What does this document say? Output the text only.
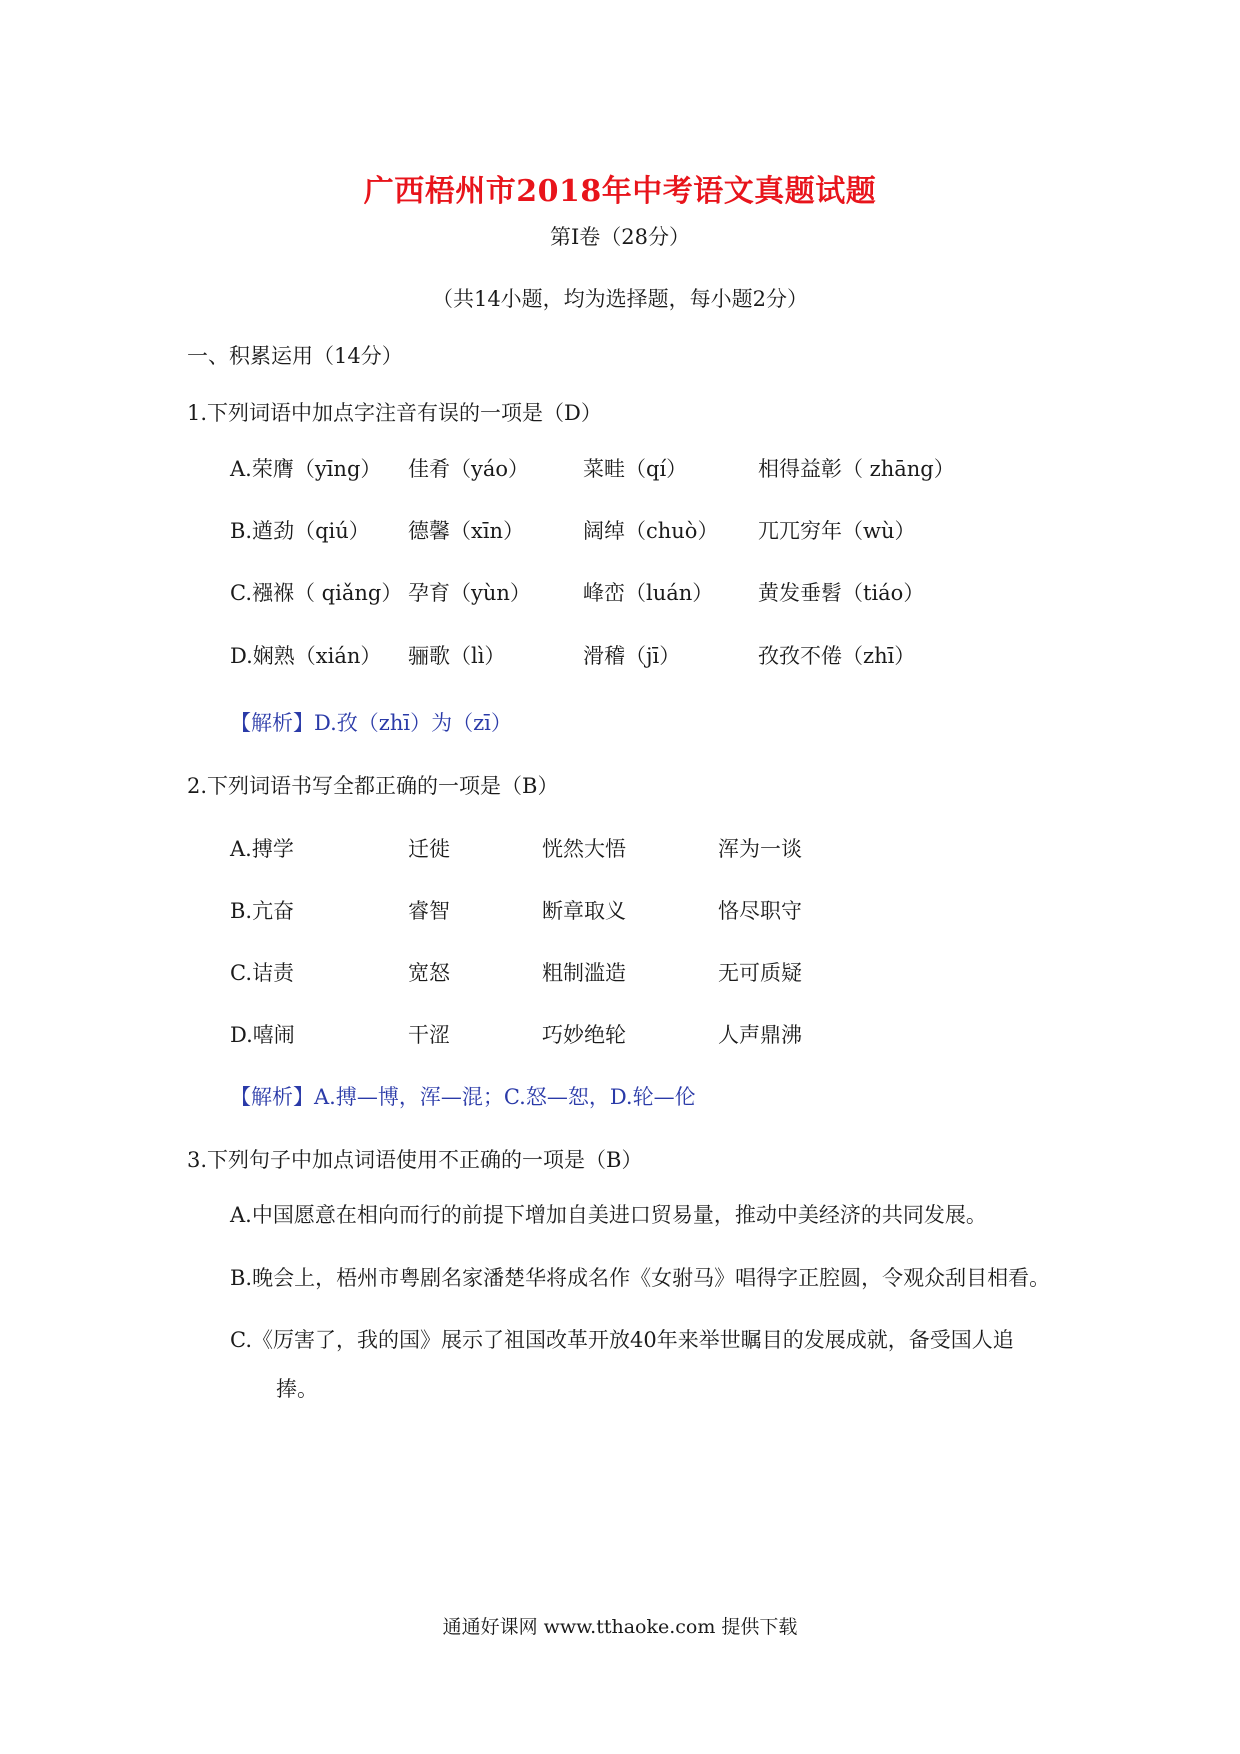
广西梧州市2018年中考语文真题试题
第Ⅰ卷（28分）
（共14小题，均为选择题，每小题2分）
一、积累运用（14分）
1.下列词语中加点字注音有误的一项是（D）
A.荣膺（yīng） 佳肴（yáo）	菜畦（qí）	相得益彰（ zhāng）
B.遒劲（qiú） 德馨（xīn）	阔绰（chuò） 兀兀穷年（wù）
C.襁褓（ qiǎng） 孕育（yùn） 峰峦（luán） 黄发垂髫（tiáo）
D.娴熟（xián） 骊歌（lì）	滑稽（jī）	孜孜不倦（zhī）
【解析】D.孜（zhī）为（zī）
2.下列词语书写全都正确的一项是（B）
A.搏学	迁徙	恍然大悟	浑为一谈
B.亢奋	睿智	断章取义	恪尽职守
C.诘责	宽怒	粗制滥造	无可质疑
D.嘻闹	干涩	巧妙绝轮	人声鼎沸
【解析】A.搏—博，浑—混；C.怒—恕，D.轮—伦
3.下列句子中加点词语使用不正确的一项是（B）
A.中国愿意在相向而行的前提下增加自美进口贸易量，推动中美经济的共同发展。
B.晚会上，梧州市粤剧名家潘楚华将成名作《女驸马》唱得字正腔圆，令观众刮目相看。
C.《厉害了，我的国》展示了祖国改革开放40年来举世瞩目的发展成就，备受国人追
捧。
通通好课网 www.tthaoke.com 提供下载
